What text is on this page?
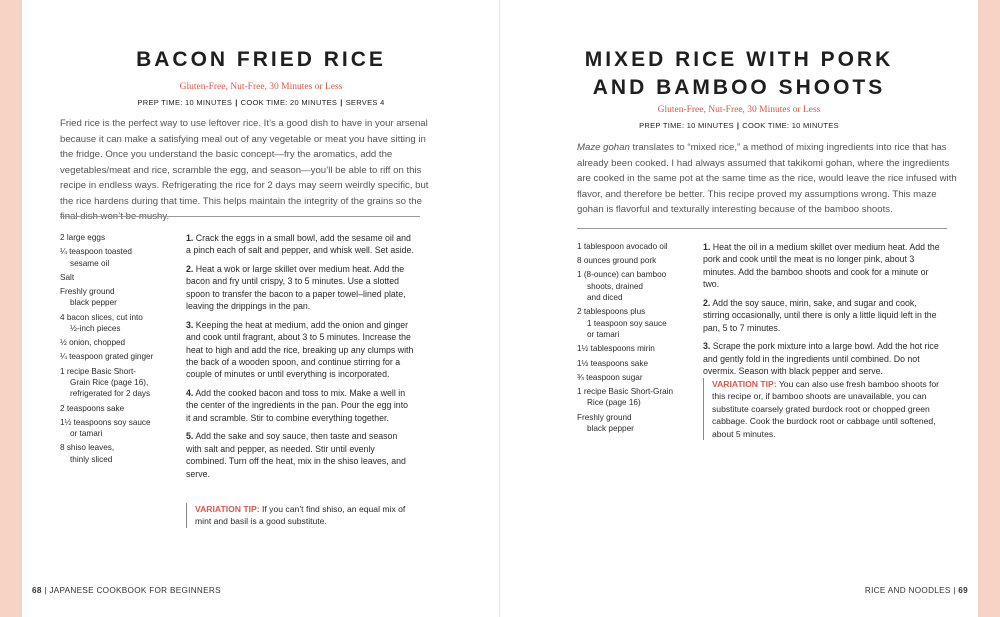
BACON FRIED RICE
Gluten-Free, Nut-Free, 30 Minutes or Less
PREP TIME: 10 MINUTES | COOK TIME: 20 MINUTES | SERVES 4

Fried rice is the perfect way to use leftover rice. It’s a good dish to have in your arsenal because it can make a satisfying meal out of any vegetable or meat you have sitting in the fridge. Once you understand the basic concept—fry the aromatics, add the vegetables/meat and rice, scramble the egg, and season—you’ll be able to riff on this recipe in endless ways. Refrigerating the rice for 2 days may seem weirdly specific, but the rice hardens during that time. This helps maintain the integrity of the grains so the

2 large eggs
¼ teaspoon toasted
sesame oil
Salt
Freshly ground
black pepper
4 bacon slices, cut into
½-inch pieces
½ onion, chopped
¼ teaspoon grated ginger
1 recipe Basic Short-
Grain Rice (page 16),
refrigerated for 2 days
2 teaspoons sake
1½ teaspoons soy sauce
or tamari
8 shiso leaves,
thinly sliced

1. Crack the eggs in a small bowl, add the sesame oil and a pinch each of salt and pepper, and whisk well. Set aside.

2. Heat a wok or large skillet over medium heat. Add the bacon and fry until crispy, 3 to 5 minutes. Use a slotted spoon to transfer the bacon to a paper towel–lined plate, leaving the drippings in the pan.

3. Keeping the heat at medium, add the onion and ginger and cook until fragrant, about 3 to 5 minutes. Increase the heat to high and add the rice, breaking up any clumps with the back of a wooden spoon, and continue stirring for a couple of minutes or until everything is incorporated.

4. Add the cooked bacon and toss to mix. Make a well in the center of the ingredients in the pan. Pour the egg into it and scramble. Stir to combine everything together.

5. Add the sake and soy sauce, then taste and season with salt and pepper, as needed. Stir until evenly combined. Turn off the heat, mix in the shiso leaves, and serve.

VARIATION TIP: If you can’t find shiso, an equal mix of mint and basil is a good substitute.
68 | JAPANESE COOKBOOK FOR BEGINNERS
MIXED RICE WITH PORK
AND BAMBOO SHOOTS
Gluten-Free, Nut-Free, 30 Minutes or Less
PREP TIME: 10 MINUTES | COOK TIME: 10 MINUTES

Maze gohan translates to “mixed rice,” a method of mixing ingredients into rice that has already been cooked. I had always assumed that takikomi gohan, where the ingredients are cooked in the same pot at the same time as the rice, would leave the rice infused with flavor, and therefore be better. This recipe proved my assumptions wrong. This maze gohan is flavorful and texturally interesting because of the bamboo shoots.

1 tablespoon avocado oil
8 ounces ground pork
1 (8-ounce) can bamboo
shoots, drained
and diced
2 tablespoons plus
1 teaspoon soy sauce
or tamari
1½ tablespoons mirin
1½ teaspoons sake
¾ teaspoon sugar
1 recipe Basic Short-Grain
Rice (page 16)
Freshly ground
black pepper

1. Heat the oil in a medium skillet over medium heat. Add the pork and cook until the meat is no longer pink, about 3 minutes. Add the bamboo shoots and cook for a minute or two.

2. Add the soy sauce, mirin, sake, and sugar and cook, stirring occasionally, until there is only a little liquid left in the pan, 5 to 7 minutes.

3. Scrape the pork mixture into a large bowl. Add the hot rice and gently fold in the ingredients until combined. Do not overmix. Season with black pepper and serve.

VARIATION TIP: You can also use fresh bamboo shoots for this recipe or, if bamboo shoots are unavailable, you can substitute coarsely grated burdock root or chopped green cabbage. Cook the burdock root or cabbage until softened, about 5 minutes.
RICE AND NOODLES | 69
